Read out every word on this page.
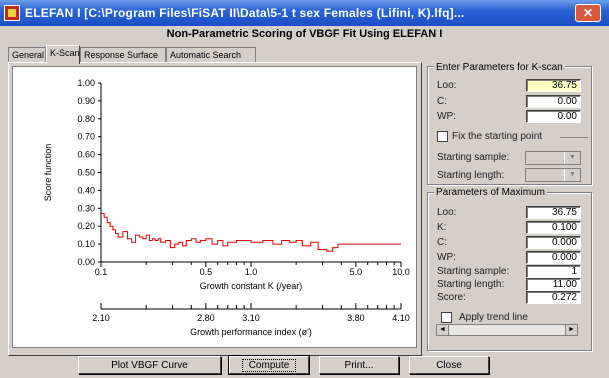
ELEFAN I [C:\Program Files\FiSAT II\Data\5-1 t sex Females (Lifini, K).lfq]...	✕
Non-Parametric Scoring of VBGF Fit Using ELEFAN I
General K-Scan Response Surface	Automatic Search
0.00
0.10
0.20
0.30
0.40
0.50
0.60
0.70
0.80
0.90
1.00
0.1	0.5	1.0	5.0	10.0
Growth constant K (/year)
Score function
2.10	2.80	3.10	3.80	4.10
Growth performance index (ø')
Enter Parameters for K-scan
Loo:	36.75
C:	0.00
WP:	0.00
Fix the starting point
Starting sample:	▼
Starting length:	▼
Parameters of Maximum
Loo:	36.75
K:	0.100
C:	0.000
WP:	0.000
Starting sample:	1
Starting length:	11.00
Score:	0.272
Apply trend line
◄	►
Plot VBGF Curve	Compute	Print...	Close
